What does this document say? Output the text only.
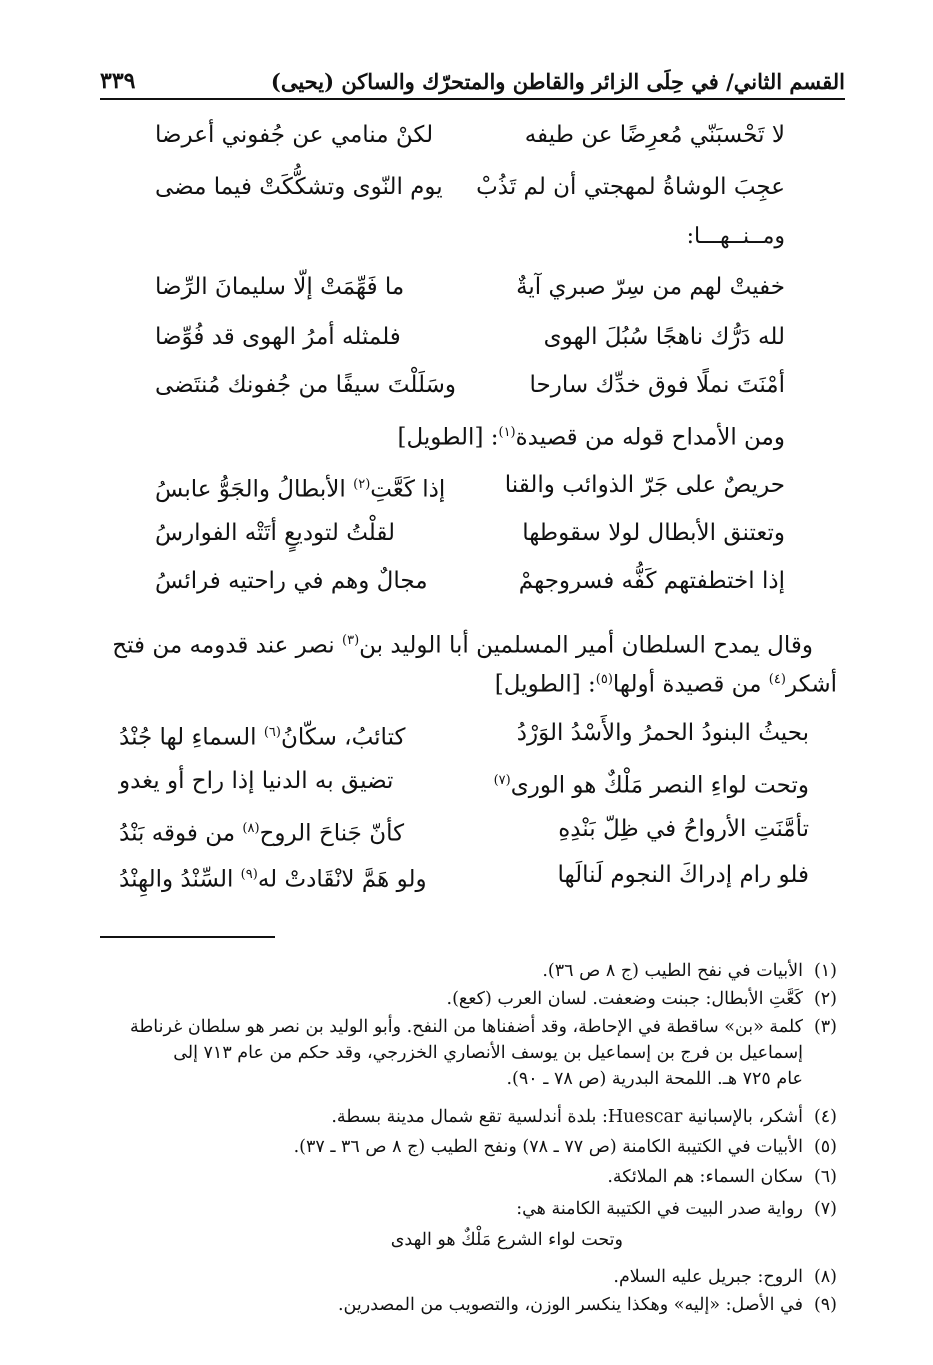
القسم الثاني/ في حِلَى الزائر والقاطن والمتحرّك والساكن (يحيى)
٣٣٩
لا تَحْسبَنّي مُعرِضًا عن طيفه
لكنْ منامي عن جُفوني أعرضا
عجِبَ الوشاةُ لمهجتي أن لم تَذُبْ
يوم النّوى وتشكُّكَتْ فيما مضى
ومــنــهـــا:
خفيتْ لهم من سِرّ صبري آيةٌ
ما فَهِّمَتْ إلّا سليمانَ الرِّضا
لله دَرُّك ناهجًا سُبُلَ الهوى
فلمثله أمرُ الهوى قد فُوِّضا
أمْنَتَ نملًا فوق خدِّك سارحا
وسَلَلْتَ سيفًا من جُفونك مُنتَضى
ومن الأمداح قوله من قصيدة$^{(١)}$: [الطويل]
حريصٌ على جَرّ الذوائب والقنا
إذا كَعَّتِ$^{(٢)}$ الأبطالُ والجَوُّ عابسُ
وتعتنق الأبطال لولا سقوطها
لقلْتُ لتوديعٍ أتَتْه الفوارسُ
إذا اختطفتهم كَفُّه فسروجهمْ
مجالٌ وهم في راحتيه فرائسُ
وقال يمدح السلطان أمير المسلمين أبا الوليد بن$^{(٣)}$ نصر عند قدومه من فتح
أشكر$^{(٤)}$ من قصيدة أولها$^{(٥)}$: [الطويل]
بحيثُ البنودُ الحمرُ والأَسْدُ الوَرْدُ
كتائبُ، سكّانُ$^{(٦)}$ السماءِ لها جُنْدُ
وتحت لواءِ النصر مَلْكٌ هو الورى$^{(٧)}$
تضيق به الدنيا إذا راح أو يغدو
تأمَّنَتِ الأرواحُ في ظِلّ بَنْدِهِ
كأنّ جَناحَ الروح$^{(٨)}$ من فوقه بَنْدُ
فلو رام إدراكَ النجوم لَنالَها
ولو هَمَّ لانْقَادتْ له$^{(٩)}$ السِّنْدُ والهِنْدُ
(١)الأبيات في نفح الطيب (ج ٨ ص ٣٦).
(٢)كَعَّتِ الأبطال: جبنت وضعفت. لسان العرب (كعع).
(٣)كلمة «بن» ساقطة في الإحاطة، وقد أضفناها من النفح. وأبو الوليد بن نصر هو سلطان غرناطة
إسماعيل بن فرج بن إسماعيل بن يوسف الأنصاري الخزرجي، وقد حكم من عام ٧١٣ إلى
عام ٧٢٥ هـ. اللمحة البدرية (ص ٧٨ ـ ٩٠).
(٤)أشكر، بالإسبانية Huescar: بلدة أندلسية تقع شمال مدينة بسطة.
(٥)الأبيات في الكتيبة الكامنة (ص ٧٧ ـ ٧٨) ونفح الطيب (ج ٨ ص ٣٦ ـ ٣٧).
(٦)سكان السماء: هم الملائكة.
(٧)رواية صدر البيت في الكتيبة الكامنة هي:
وتحت لواء الشرع مَلْكٌ هو الهدى
(٨)الروح: جبريل عليه السلام.
(٩)في الأصل: «إليه» وهكذا ينكسر الوزن، والتصويب من المصدرين.
